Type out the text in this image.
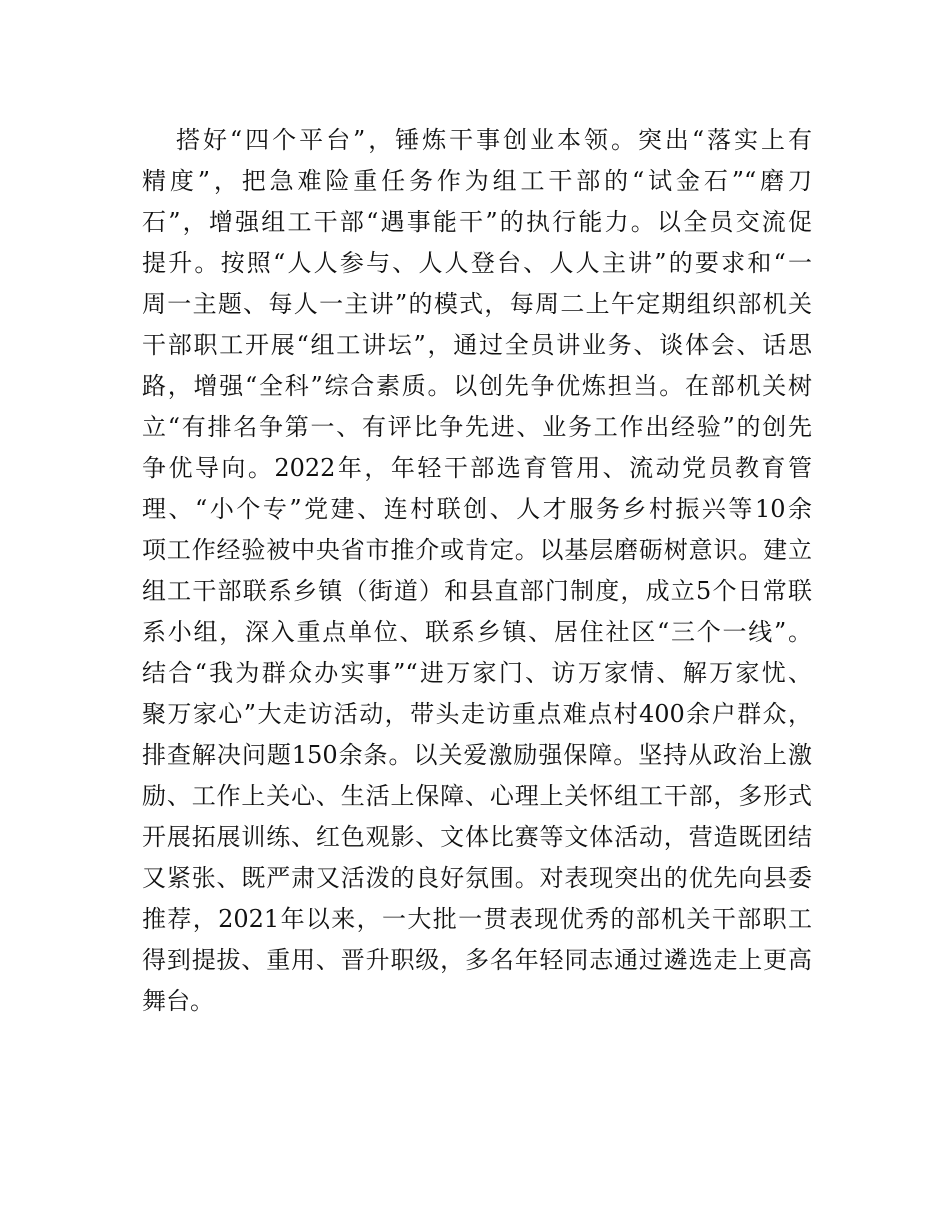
搭好“四个平台”，锤炼干事创业本领。突出“落实上有
精度”，把急难险重任务作为组工干部的“试金石”“磨刀
石”，增强组工干部“遇事能干”的执行能力。以全员交流促
提升。按照“人人参与、人人登台、人人主讲”的要求和“一
周一主题、每人一主讲”的模式，每周二上午定期组织部机关
干部职工开展“组工讲坛”，通过全员讲业务、谈体会、话思
路，增强“全科”综合素质。以创先争优炼担当。在部机关树
立“有排名争第一、有评比争先进、业务工作出经验”的创先
争优导向。2022年，年轻干部选育管用、流动党员教育管
理、“小个专”党建、连村联创、人才服务乡村振兴等10余
项工作经验被中央省市推介或肯定。以基层磨砺树意识。建立
组工干部联系乡镇（街道）和县直部门制度，成立5个日常联
系小组，深入重点单位、联系乡镇、居住社区“三个一线”。
结合“我为群众办实事”“进万家门、访万家情、解万家忧、
聚万家心”大走访活动，带头走访重点难点村400余户群众，
排查解决问题150余条。以关爱激励强保障。坚持从政治上激
励、工作上关心、生活上保障、心理上关怀组工干部，多形式
开展拓展训练、红色观影、文体比赛等文体活动，营造既团结
又紧张、既严肃又活泼的良好氛围。对表现突出的优先向县委
推荐，2021年以来，一大批一贯表现优秀的部机关干部职工
得到提拔、重用、晋升职级，多名年轻同志通过遴选走上更高
舞台。
